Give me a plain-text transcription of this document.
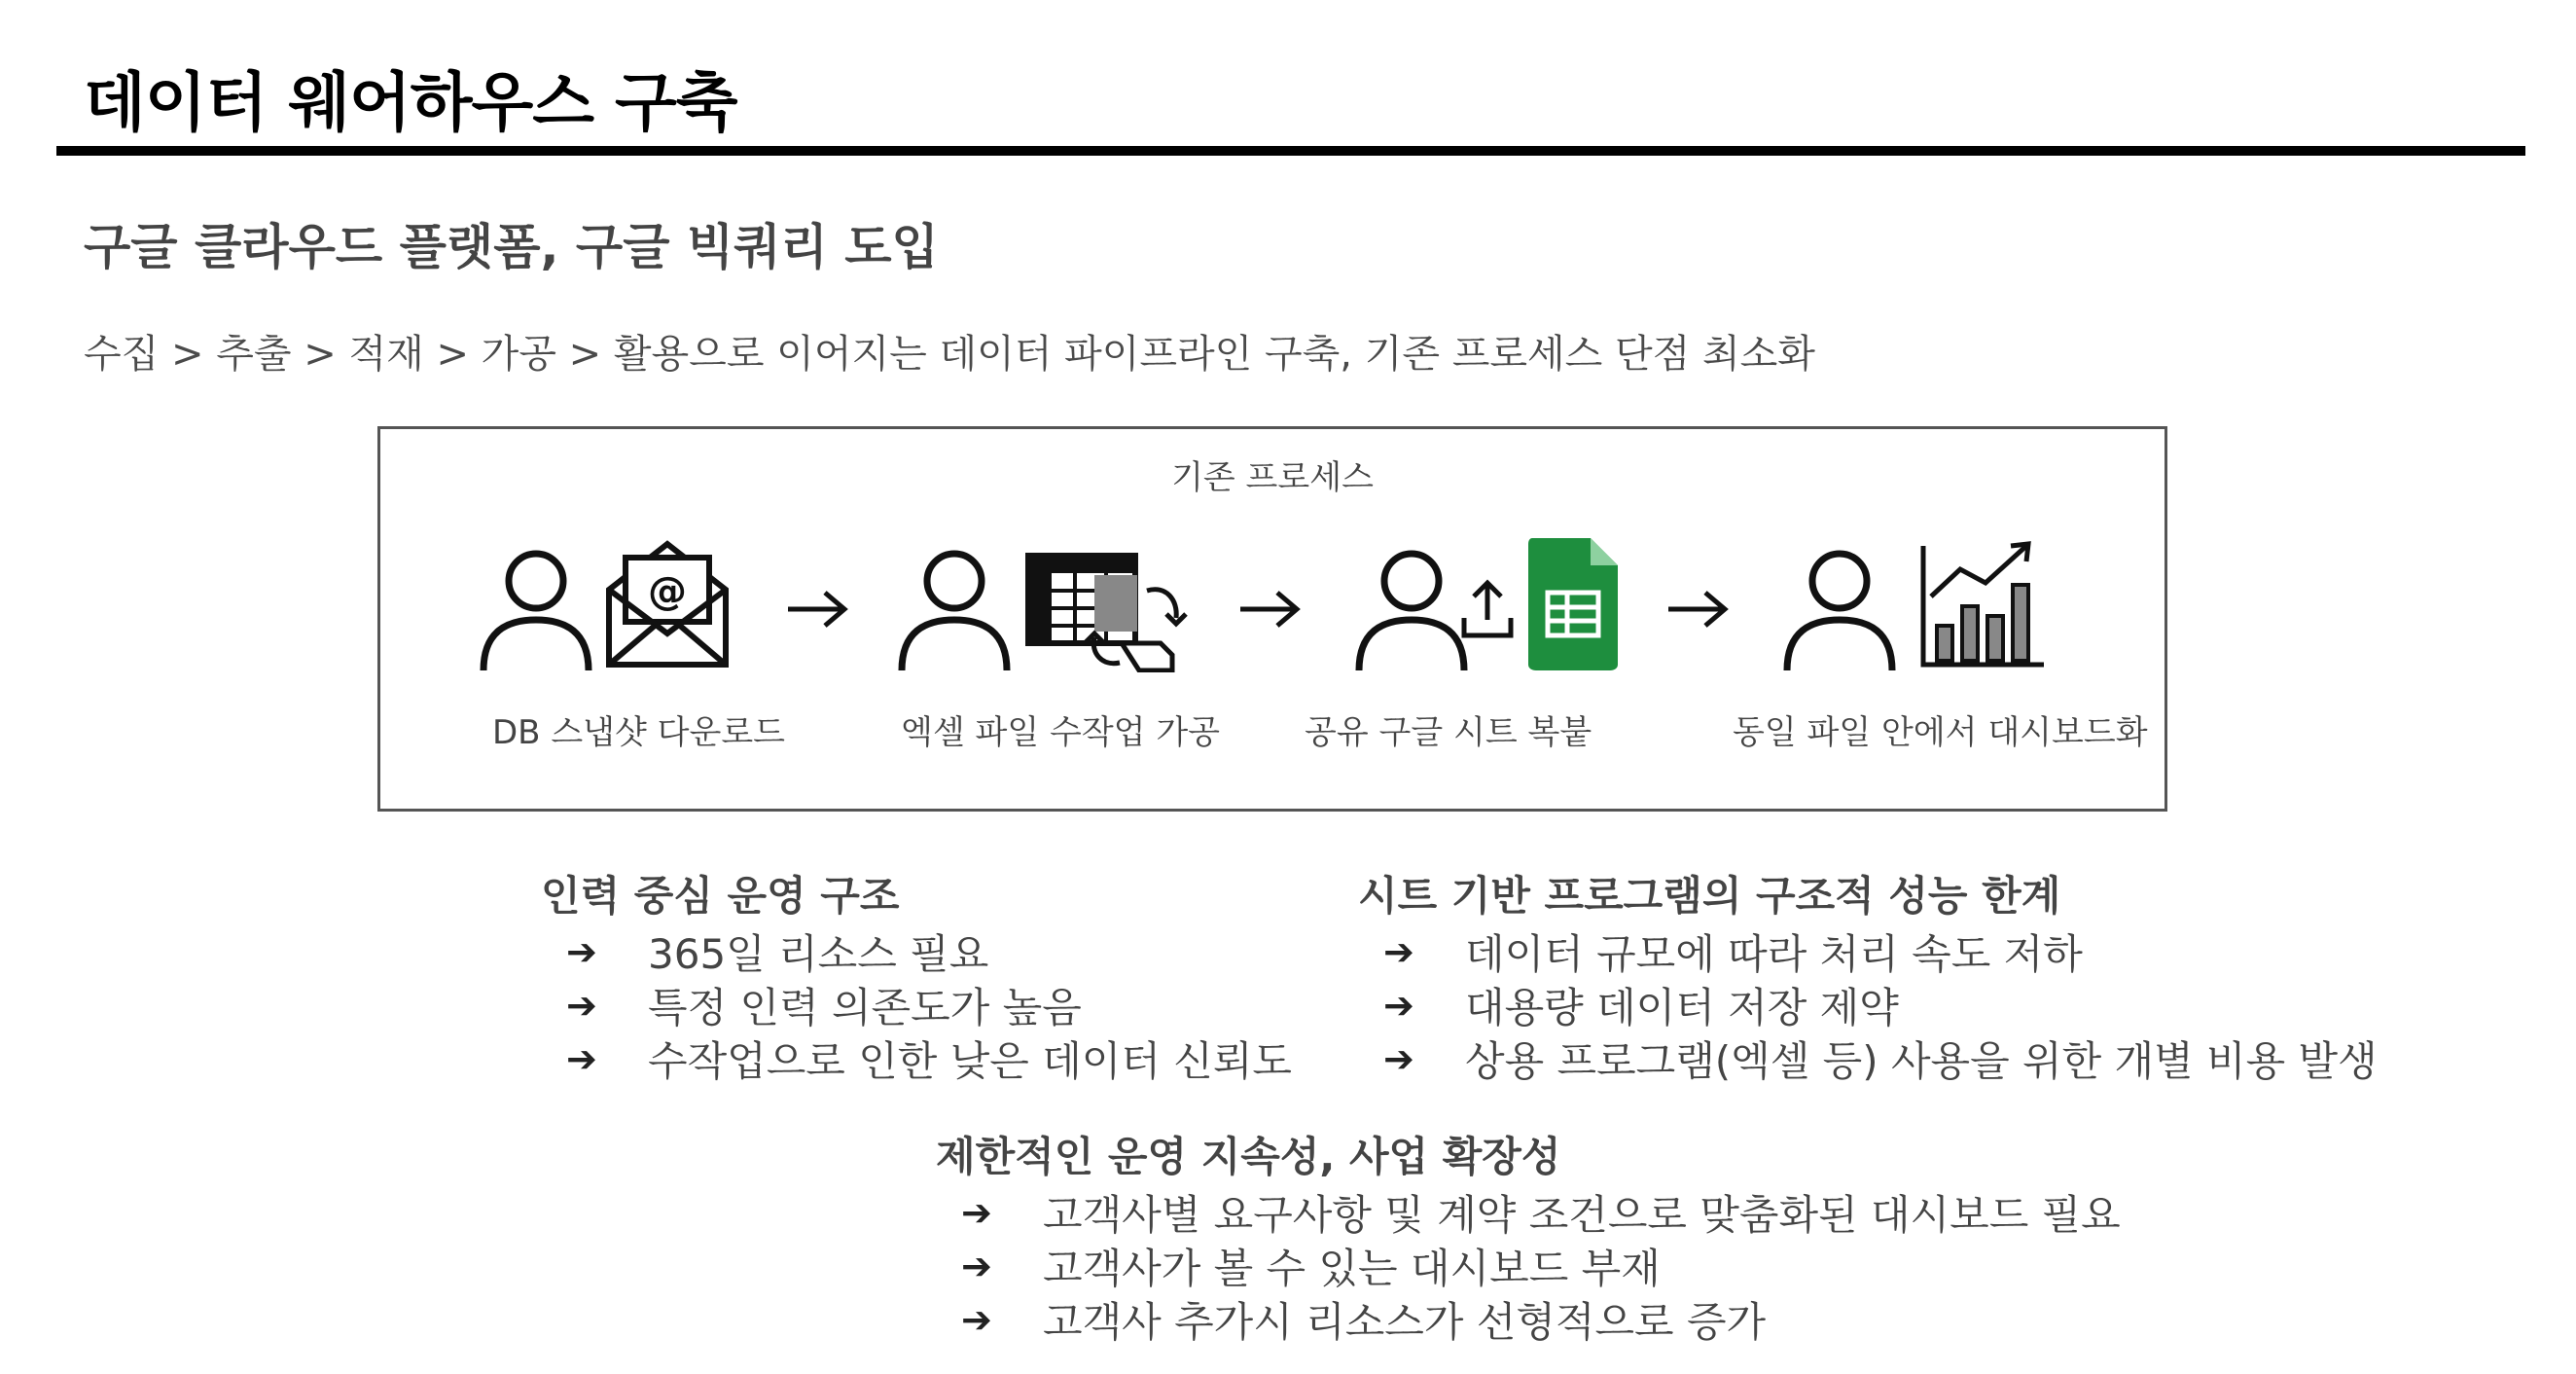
데이터 웨어하우스 구축
구글 클라우드 플랫폼, 구글 빅쿼리 도입
수집 > 추출 > 적재 > 가공 > 활용으로 이어지는 데이터 파이프라인 구축, 기존 프로세스 단점 최소화
기존 프로세스
@
DB 스냅샷 다운로드	엑셀 파일 수작업 가공	공유 구글 시트 복붙	동일 파일 안에서 대시보드화
인력 중심 운영 구조
➔	365일 리소스 필요
➔	특정 인력 의존도가 높음
➔	수작업으로 인한 낮은 데이터 신뢰도
시트 기반 프로그램의 구조적 성능 한계
➔	데이터 규모에 따라 처리 속도 저하
➔	대용량 데이터 저장 제약
➔	상용 프로그램(엑셀 등) 사용을 위한 개별 비용 발생
제한적인 운영 지속성, 사업 확장성
➔	고객사별 요구사항 및 계약 조건으로 맞춤화된 대시보드 필요
➔	고객사가 볼 수 있는 대시보드 부재
➔	고객사 추가시 리소스가 선형적으로 증가
